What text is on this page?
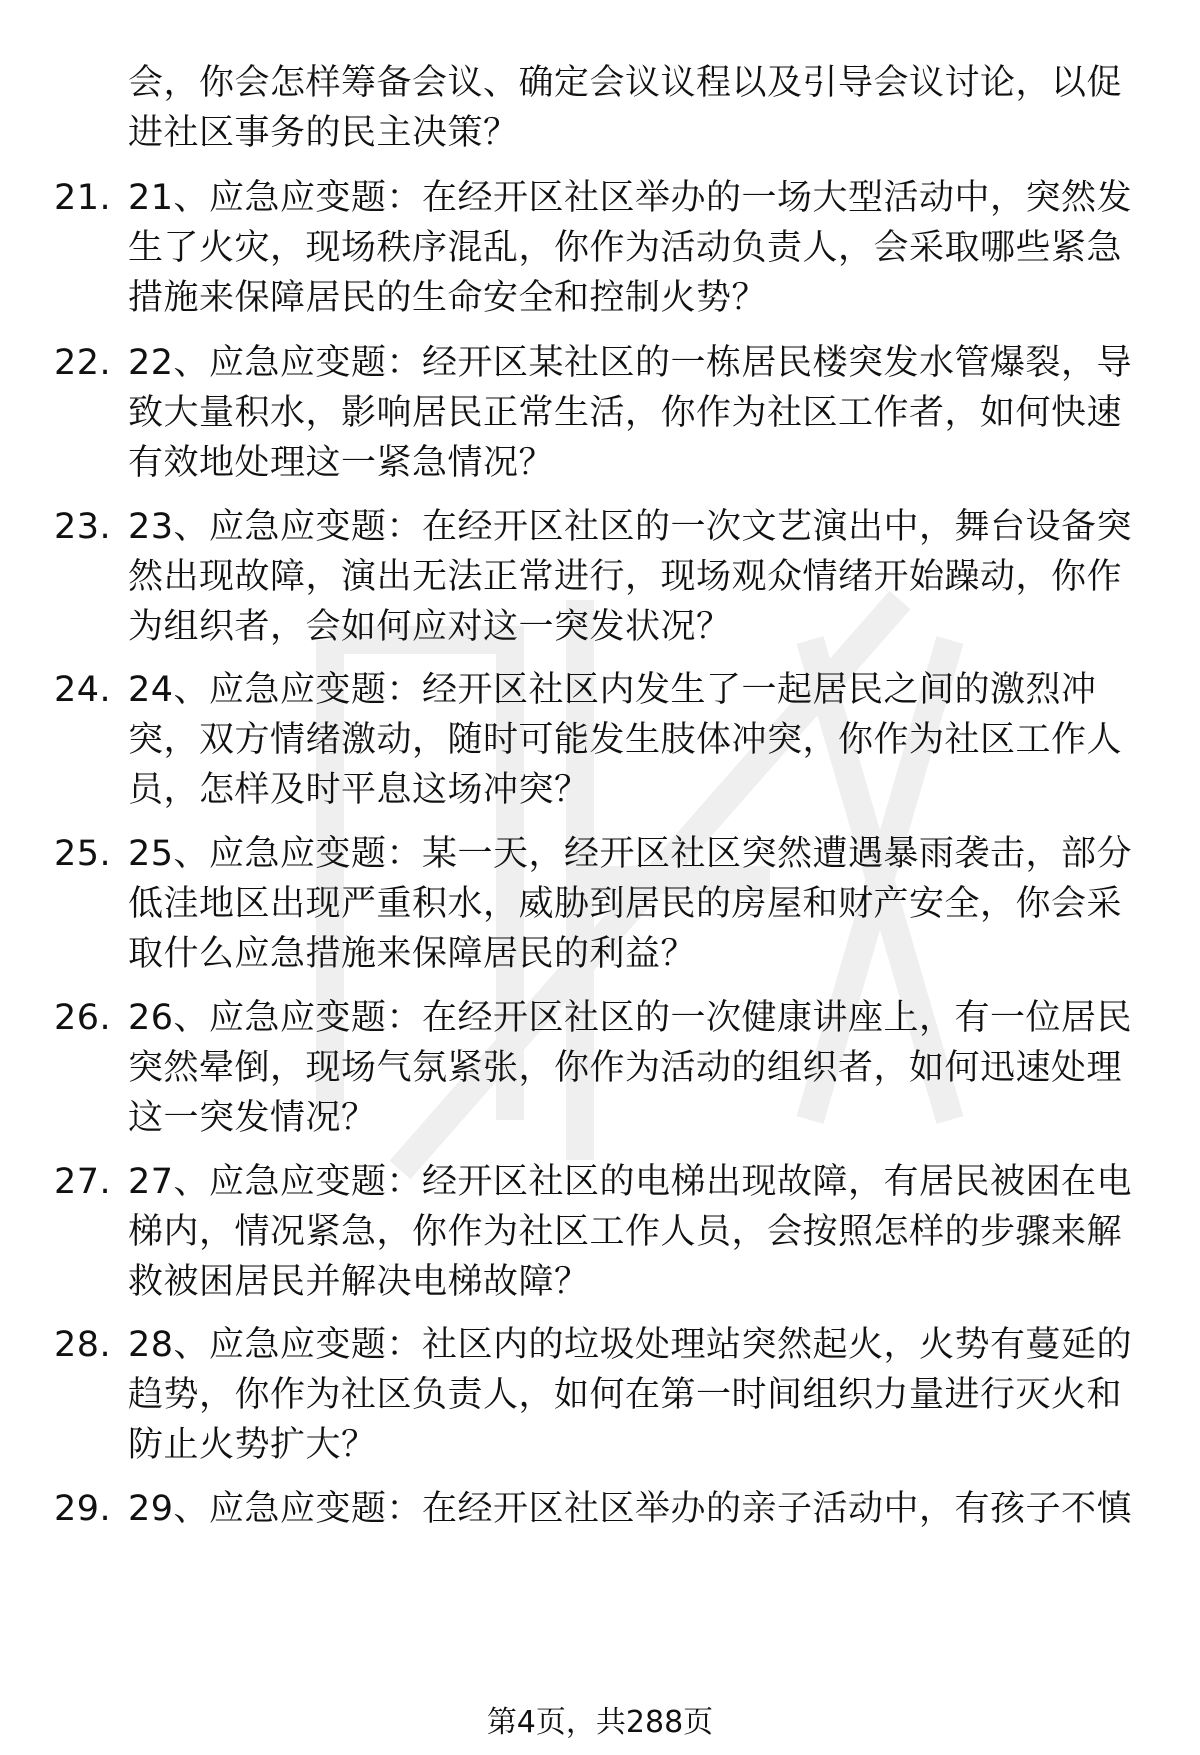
会，你会怎样筹备会议、确定会议议程以及引导会议讨论，以促进社区事务的民主决策？
21. 21、应急应变题：在经开区社区举办的一场大型活动中，突然发生了火灾，现场秩序混乱，你作为活动负责人，会采取哪些紧急措施来保障居民的生命安全和控制火势？
22. 22、应急应变题：经开区某社区的一栋居民楼突发水管爆裂，导致大量积水，影响居民正常生活，你作为社区工作者，如何快速有效地处理这一紧急情况？
23. 23、应急应变题：在经开区社区的一次文艺演出中，舞台设备突然出现故障，演出无法正常进行，现场观众情绪开始躁动，你作为组织者，会如何应对这一突发状况？
24. 24、应急应变题：经开区社区内发生了一起居民之间的激烈冲突，双方情绪激动，随时可能发生肢体冲突，你作为社区工作人员，怎样及时平息这场冲突？
25. 25、应急应变题：某一天，经开区社区突然遭遇暴雨袭击，部分低洼地区出现严重积水，威胁到居民的房屋和财产安全，你会采取什么应急措施来保障居民的利益？
26. 26、应急应变题：在经开区社区的一次健康讲座上，有一位居民突然晕倒，现场气氛紧张，你作为活动的组织者，如何迅速处理这一突发情况？
27. 27、应急应变题：经开区社区的电梯出现故障，有居民被困在电梯内，情况紧急，你作为社区工作人员，会按照怎样的步骤来解救被困居民并解决电梯故障？
28. 28、应急应变题：社区内的垃圾处理站突然起火，火势有蔓延的趋势，你作为社区负责人，如何在第一时间组织力量进行灭火和防止火势扩大？
29. 29、应急应变题：在经开区社区举办的亲子活动中，有孩子不慎
第4页，共288页
